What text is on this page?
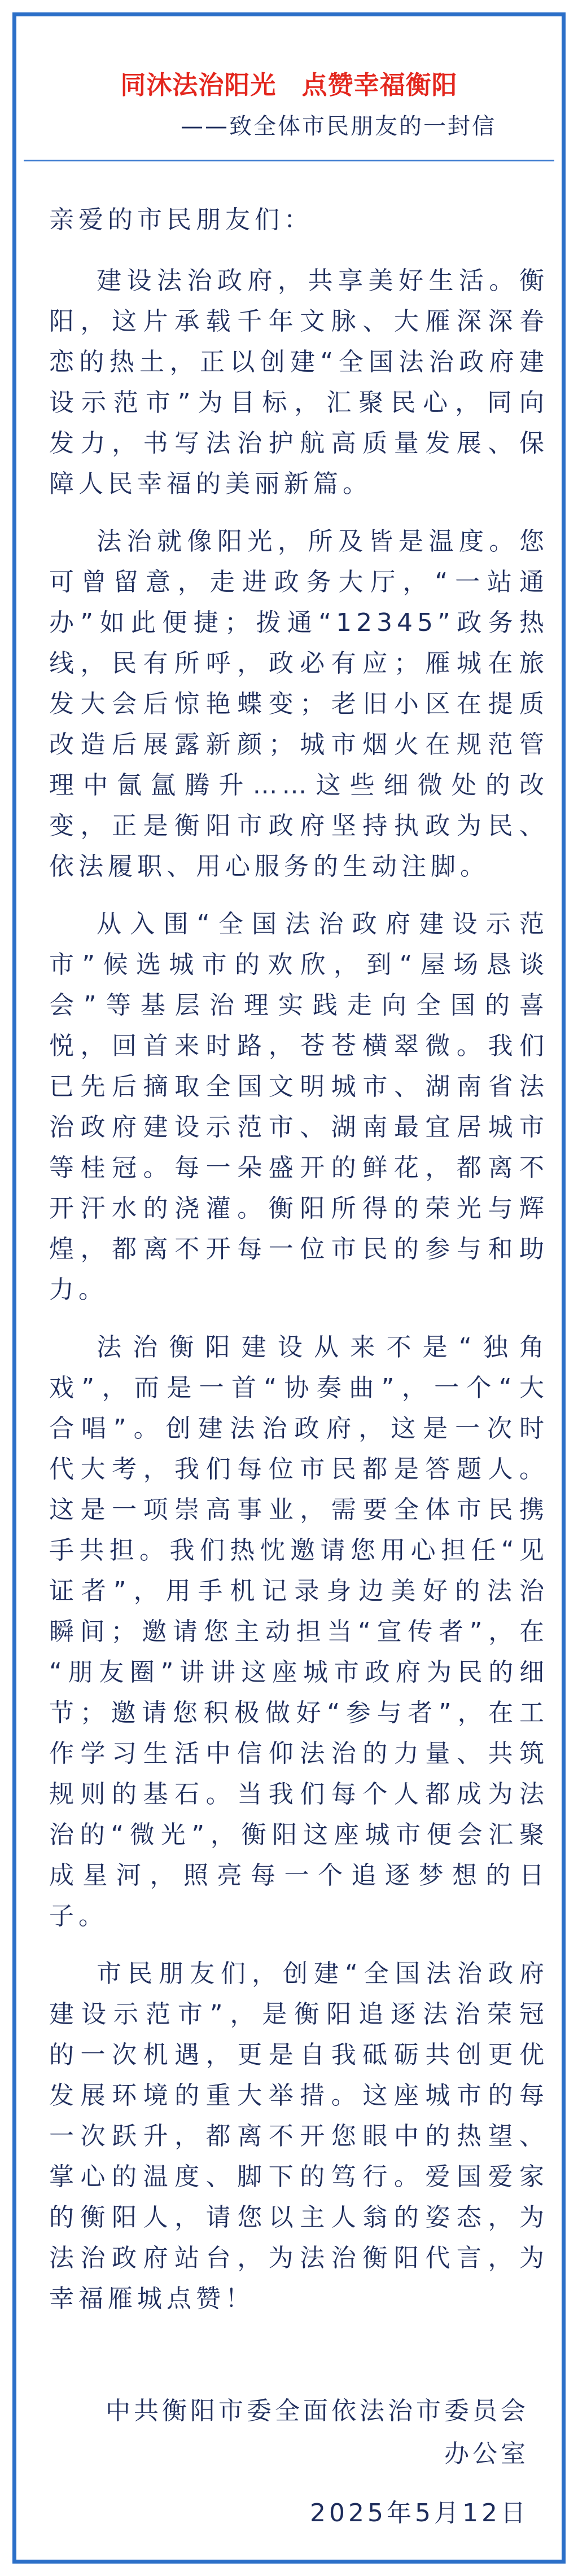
同沐法治阳光  点赞幸福衡阳
——致全体市民朋友的一封信
亲爱的市民朋友们：
建设法治政府，共享美好生活。衡
阳，这片承载千年文脉、大雁深深眷
恋的热土，正以创建“全国法治政府建
设示范市”为目标，汇聚民心，同向
发力，书写法治护航高质量发展、保
障人民幸福的美丽新篇。
法治就像阳光，所及皆是温度。您
可曾留意，走进政务大厅，“一站通
办”如此便捷；拨通“12345”政务热
线，民有所呼，政必有应；雁城在旅
发大会后惊艳蝶变；老旧小区在提质
改造后展露新颜；城市烟火在规范管
理中氤氲腾升……这些细微处的改
变，正是衡阳市政府坚持执政为民、
依法履职、用心服务的生动注脚。
从入围“全国法治政府建设示范
市”候选城市的欢欣，到“屋场恳谈
会”等基层治理实践走向全国的喜
悦，回首来时路，苍苍横翠微。我们
已先后摘取全国文明城市、湖南省法
治政府建设示范市、湖南最宜居城市
等桂冠。每一朵盛开的鲜花，都离不
开汗水的浇灌。衡阳所得的荣光与辉
煌，都离不开每一位市民的参与和助
力。
法治衡阳建设从来不是“独角
戏”，而是一首“协奏曲”，一个“大
合唱”。创建法治政府，这是一次时
代大考，我们每位市民都是答题人。
这是一项崇高事业，需要全体市民携
手共担。我们热忱邀请您用心担任“见
证者”，用手机记录身边美好的法治
瞬间；邀请您主动担当“宣传者”，在
“朋友圈”讲讲这座城市政府为民的细
节；邀请您积极做好“参与者”，在工
作学习生活中信仰法治的力量、共筑
规则的基石。当我们每个人都成为法
治的“微光”，衡阳这座城市便会汇聚
成星河，照亮每一个追逐梦想的日
子。
市民朋友们，创建“全国法治政府
建设示范市”，是衡阳追逐法治荣冠
的一次机遇，更是自我砥砺共创更优
发展环境的重大举措。这座城市的每
一次跃升，都离不开您眼中的热望、
掌心的温度、脚下的笃行。爱国爱家
的衡阳人，请您以主人翁的姿态，为
法治政府站台，为法治衡阳代言，为
幸福雁城点赞！
中共衡阳市委全面依法治市委员会
办公室
2025年5月12日
